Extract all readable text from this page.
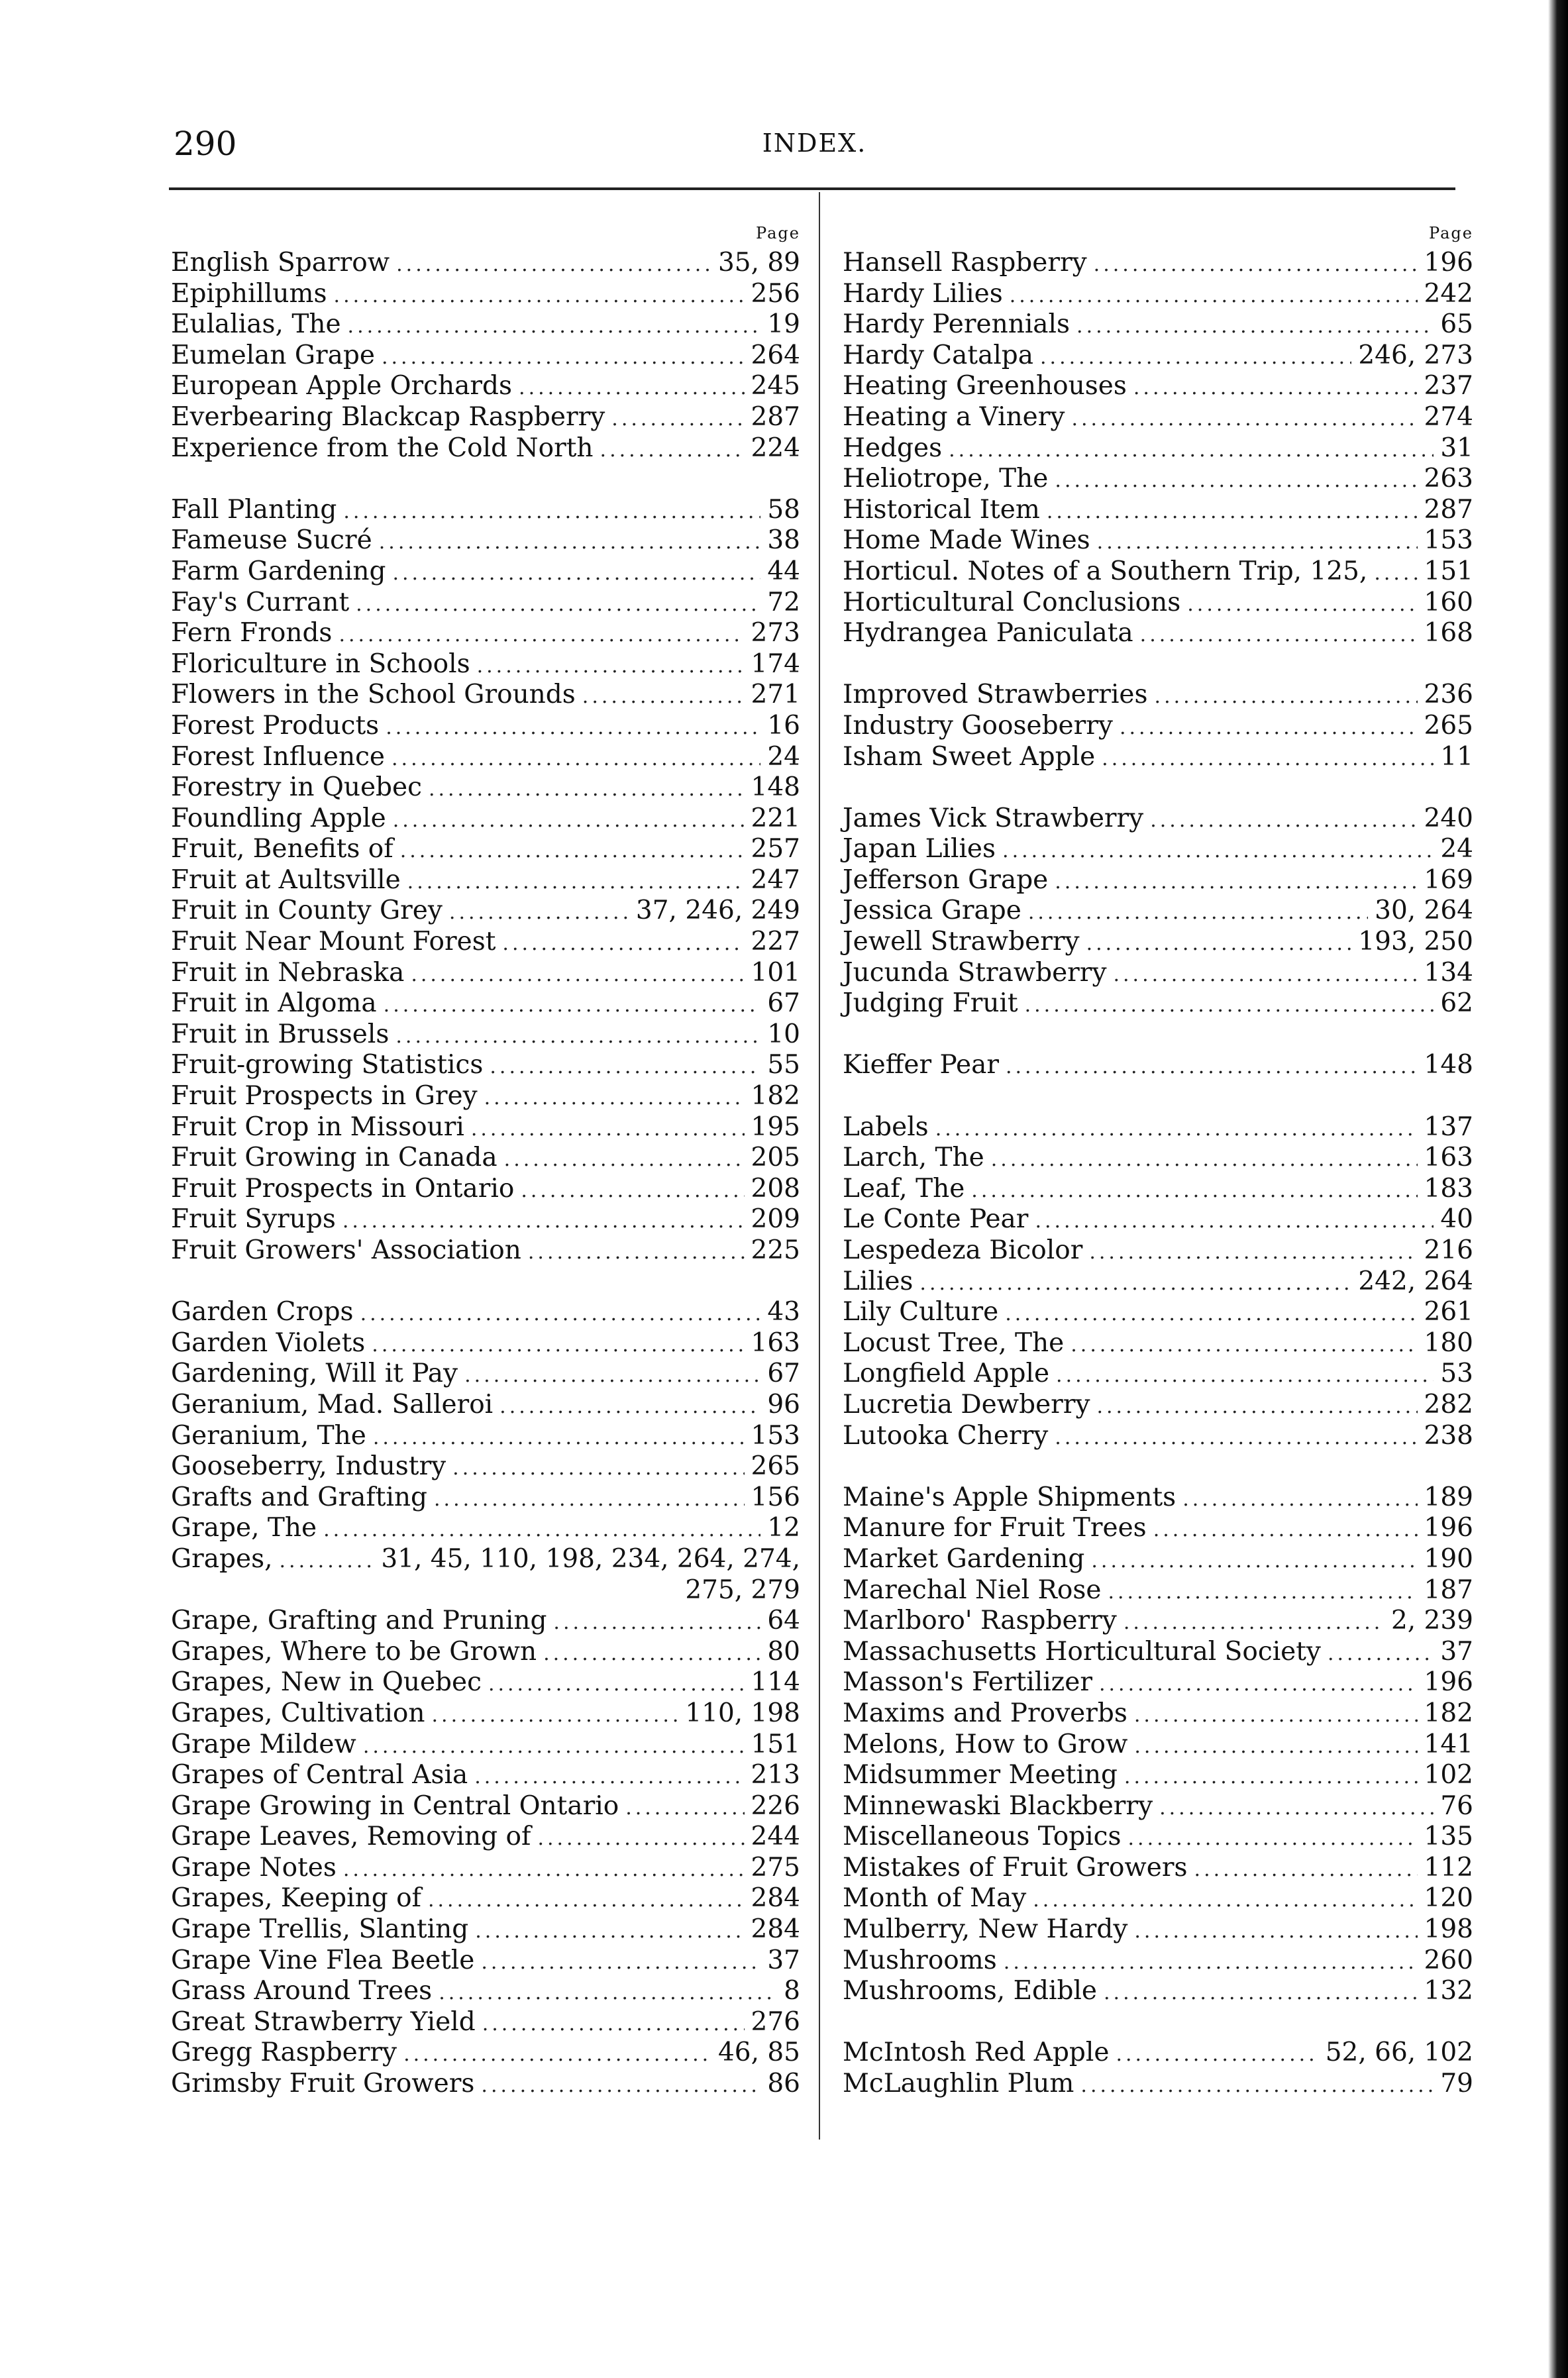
290	INDEX.
Page
English Sparrow .....	35, 89
Epiphillums .....	256
Eulalias, The .....	19
Eumelan Grape .....	264
European Apple Orchards .....	245
Everbearing Blackcap Raspberry .....	287
Experience from the Cold North .....	224
Fall Planting .....	58
Fameuse Sucré .....	38
Farm Gardening .....	44
Fay's Currant .....	72
Fern Fronds .....	273
Floriculture in Schools .....	174
Flowers in the School Grounds .....	271
Forest Products .....	16
Forest Influence .....	24
Forestry in Quebec .....	148
Foundling Apple .....	221
Fruit, Benefits of .....	257
Fruit at Aultsville .....	247
Fruit in County Grey .....	37, 246, 249
Fruit Near Mount Forest .....	227
Fruit in Nebraska .....	101
Fruit in Algoma .....	67
Fruit in Brussels .....	10
Fruit-growing Statistics .....	55
Fruit Prospects in Grey .....	182
Fruit Crop in Missouri .....	195
Fruit Growing in Canada .....	205
Fruit Prospects in Ontario .....	208
Fruit Syrups .....	209
Fruit Growers' Association .....	225
Garden Crops .....	43
Garden Violets .....	163
Gardening, Will it Pay .....	67
Geranium, Mad. Salleroi .....	96
Geranium, The .....	153
Gooseberry, Industry .....	265
Grafts and Grafting .....	156
Grape, The .....	12
Grapes, .....	31, 45, 110, 198, 234, 264, 274,
275, 279
Grape, Grafting and Pruning .....	64
Grapes, Where to be Grown .....	80
Grapes, New in Quebec .....	114
Grapes, Cultivation .....	110, 198
Grape Mildew .....	151
Grapes of Central Asia .....	213
Grape Growing in Central Ontario .....	226
Grape Leaves, Removing of .....	244
Grape Notes .....	275
Grapes, Keeping of .....	284
Grape Trellis, Slanting .....	284
Grape Vine Flea Beetle .....	37
Grass Around Trees .....	8
Great Strawberry Yield .....	276
Gregg Raspberry .....	46, 85
Grimsby Fruit Growers .....	86
Page
Hansell Raspberry .....	196
Hardy Lilies .....	242
Hardy Perennials .....	65
Hardy Catalpa .....	246, 273
Heating Greenhouses .....	237
Heating a Vinery .....	274
Hedges .....	31
Heliotrope, The .....	263
Historical Item .....	287
Home Made Wines .....	153
Horticul. Notes of a Southern Trip, 125, ..... 151
Horticultural Conclusions .....	160
Hydrangea Paniculata .....	168
Improved Strawberries .....	236
Industry Gooseberry .....	265
Isham Sweet Apple .....	11
James Vick Strawberry .....	240
Japan Lilies .....	24
Jefferson Grape .....	169
Jessica Grape .....	30, 264
Jewell Strawberry .....	193, 250
Jucunda Strawberry .....	134
Judging Fruit .....	62
Kieffer Pear .....	148
Labels .....	137
Larch, The .....	163
Leaf, The .....	183
Le Conte Pear .....	40
Lespedeza Bicolor .....	216
Lilies .....	242, 264
Lily Culture .....	261
Locust Tree, The .....	180
Longfield Apple .....	53
Lucretia Dewberry .....	282
Lutooka Cherry .....	238
Maine's Apple Shipments .....	189
Manure for Fruit Trees .....	196
Market Gardening .....	190
Marechal Niel Rose .....	187
Marlboro' Raspberry .....	2, 239
Massachusetts Horticultural Society .....	37
Masson's Fertilizer .....	196
Maxims and Proverbs .....	182
Melons, How to Grow .....	141
Midsummer Meeting .....	102
Minnewaski Blackberry .....	76
Miscellaneous Topics .....	135
Mistakes of Fruit Growers .....	112
Month of May .....	120
Mulberry, New Hardy .....	198
Mushrooms .....	260
Mushrooms, Edible .....	132
McIntosh Red Apple .....	52, 66, 102
McLaughlin Plum .....	79
